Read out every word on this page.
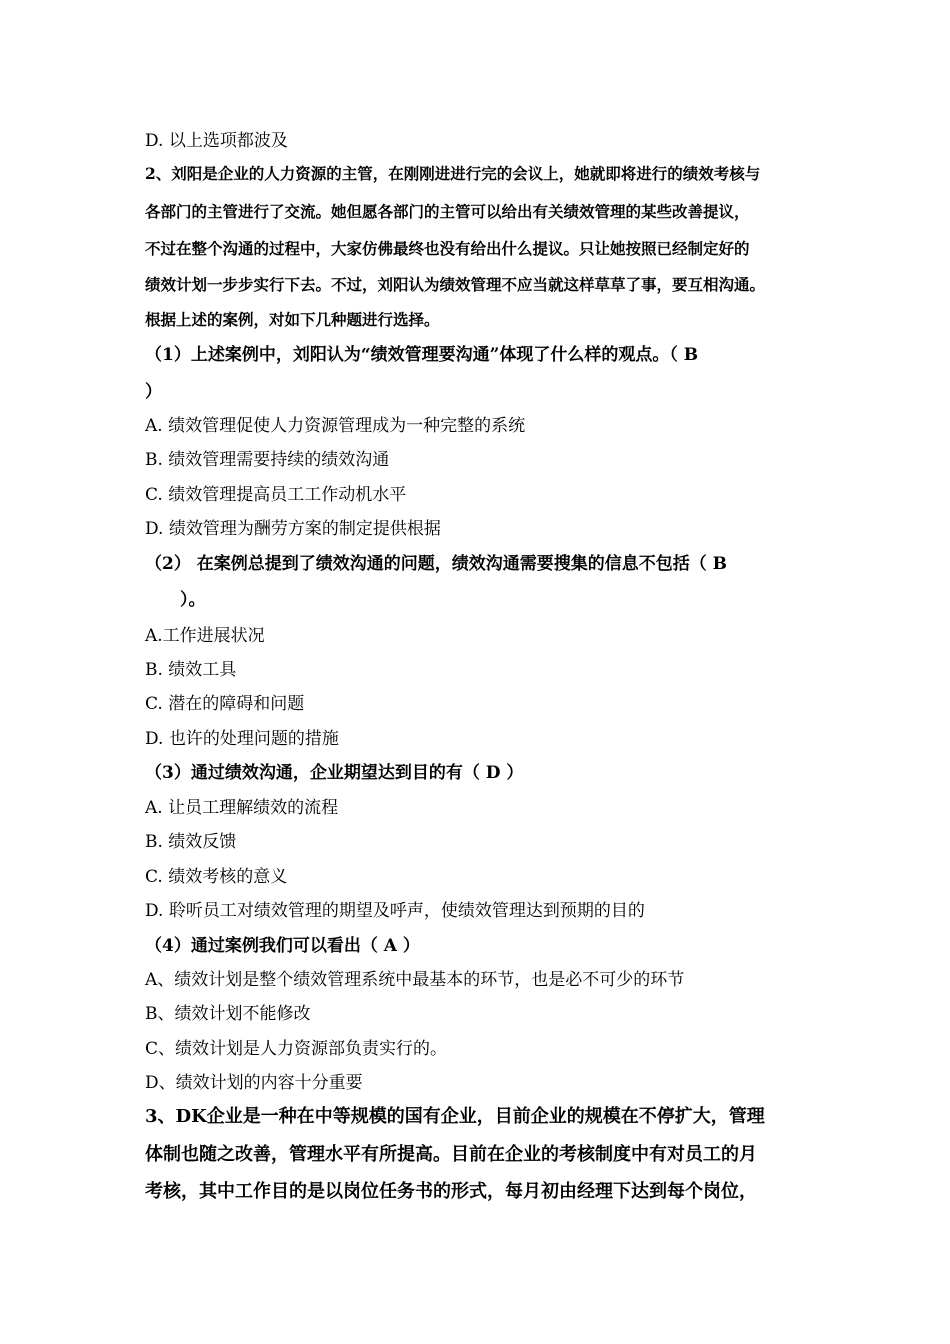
D. 以上选项都波及
2、刘阳是企业的人力资源的主管，在刚刚进进行完的会议上，她就即将进行的绩效考核与
各部门的主管进行了交流。她但愿各部门的主管可以给出有关绩效管理的某些改善提议，
不过在整个沟通的过程中，大家仿佛最终也没有给出什么提议。只让她按照已经制定好的
绩效计划一步步实行下去。不过，刘阳认为绩效管理不应当就这样草草了事，要互相沟通。
根据上述的案例，对如下几种题进行选择。
（1）上述案例中，刘阳认为“绩效管理要沟通”体现了什么样的观点。（ B
）
A. 绩效管理促使人力资源管理成为一种完整的系统
B. 绩效管理需要持续的绩效沟通
C. 绩效管理提高员工工作动机水平
D. 绩效管理为酬劳方案的制定提供根据
（2） 在案例总提到了绩效沟通的问题，绩效沟通需要搜集的信息不包括（ B
）。
A.工作进展状况
B. 绩效工具
C. 潜在的障碍和问题
D. 也许的处理问题的措施
（3）通过绩效沟通，企业期望达到目的有（ D ）
A. 让员工理解绩效的流程
B. 绩效反馈
C. 绩效考核的意义
D. 聆听员工对绩效管理的期望及呼声，使绩效管理达到预期的目的
（4）通过案例我们可以看出（ A ）
A、绩效计划是整个绩效管理系统中最基本的环节，也是必不可少的环节
B、绩效计划不能修改
C、绩效计划是人力资源部负责实行的。
D、绩效计划的内容十分重要
3、DK企业是一种在中等规模的国有企业，目前企业的规模在不停扩大，管理
体制也随之改善，管理水平有所提高。目前在企业的考核制度中有对员工的月
考核，其中工作目的是以岗位任务书的形式，每月初由经理下达到每个岗位，
